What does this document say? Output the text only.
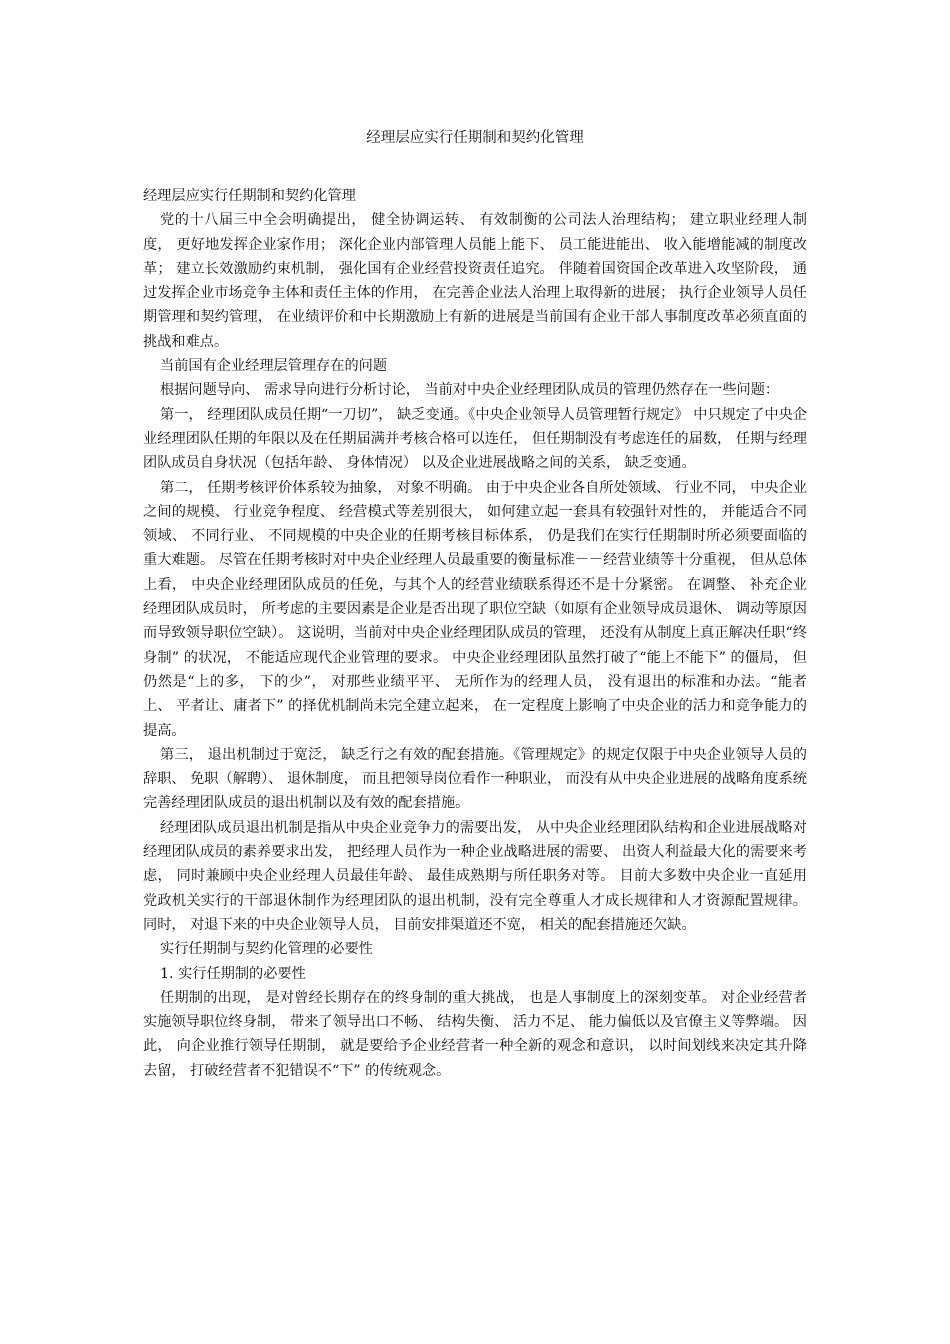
经理层应实行任期制和契约化管理

经理层应实行任期制和契约化管理

党的十八届三中全会明确提出， 健全协调运转、 有效制衡的公司法人治理结构； 建立职业经理人制度， 更好地发挥企业家作用； 深化企业内部管理人员能上能下、 员工能进能出、 收入能增能减的制度改革； 建立长效激励约束机制， 强化国有企业经营投资责任追究。 伴随着国资国企改革进入攻坚阶段， 通过发挥企业市场竞争主体和责任主体的作用， 在完善企业法人治理上取得新的进展； 执行企业领导人员任期管理和契约管理， 在业绩评价和中长期激励上有新的进展是当前国有企业干部人事制度改革必须直面的挑战和难点。

当前国有企业经理层管理存在的问题

根据问题导向、 需求导向进行分析讨论， 当前对中央企业经理团队成员的管理仍然存在一些问题：

第一， 经理团队成员任期“一刀切”， 缺乏变通。《中央企业领导人员管理暂行规定》 中只规定了中央企业经理团队任期的年限以及在任期届满并考核合格可以连任， 但任期制没有考虑连任的届数， 任期与经理团队成员自身状况（包括年龄、 身体情况） 以及企业进展战略之间的关系， 缺乏变通。

第二， 任期考核评价体系较为抽象， 对象不明确。 由于中央企业各自所处领域、 行业不同， 中央企业之间的规模、 行业竞争程度、 经营模式等差别很大， 如何建立起一套具有较强针对性的， 并能适合不同领域、 不同行业、 不同规模的中央企业的任期考核目标体系， 仍是我们在实行任期制时所必须要面临的重大难题。 尽管在任期考核时对中央企业经理人员最重要的衡量标准－－经营业绩等十分重视， 但从总体上看， 中央企业经理团队成员的任免，与其个人的经营业绩联系得还不是十分紧密。 在调整、 补充企业经理团队成员时， 所考虑的主要因素是企业是否出现了职位空缺（如原有企业领导成员退休、 调动等原因而导致领导职位空缺）。 这说明，当前对中央企业经理团队成员的管理， 还没有从制度上真正解决任职“终身制” 的状况， 不能适应现代企业管理的要求。 中央企业经理团队虽然打破了“能上不能下” 的僵局， 但仍然是“上的多， 下的少”， 对那些业绩平平、 无所作为的经理人员， 没有退出的标准和办法。“能者上、 平者让、庸者下” 的择优机制尚未完全建立起来， 在一定程度上影响了中央企业的活力和竞争能力的提高。

第三， 退出机制过于宽泛， 缺乏行之有效的配套措施。《管理规定》的规定仅限于中央企业领导人员的辞职、 免职（解聘）、 退休制度， 而且把领导岗位看作一种职业， 而没有从中央企业进展的战略角度系统完善经理团队成员的退出机制以及有效的配套措施。

经理团队成员退出机制是指从中央企业竞争力的需要出发， 从中央企业经理团队结构和企业进展战略对经理团队成员的素养要求出发， 把经理人员作为一种企业战略进展的需要、 出资人利益最大化的需要来考虑， 同时兼顾中央企业经理人员最佳年龄、 最佳成熟期与所任职务对等。 目前大多数中央企业一直延用党政机关实行的干部退休制作为经理团队的退出机制，没有完全尊重人才成长规律和人才资源配置规律。 同时， 对退下来的中央企业领导人员， 目前安排渠道还不宽， 相关的配套措施还欠缺。

实行任期制与契约化管理的必要性

1. 实行任期制的必要性

任期制的出现， 是对曾经长期存在的终身制的重大挑战， 也是人事制度上的深刻变革。 对企业经营者实施领导职位终身制， 带来了领导出口不畅、 结构失衡、 活力不足、 能力偏低以及官僚主义等弊端。 因此， 向企业推行领导任期制， 就是要给予企业经营者一种全新的观念和意识， 以时间划线来决定其升降去留， 打破经营者不犯错误不“下” 的传统观念。
